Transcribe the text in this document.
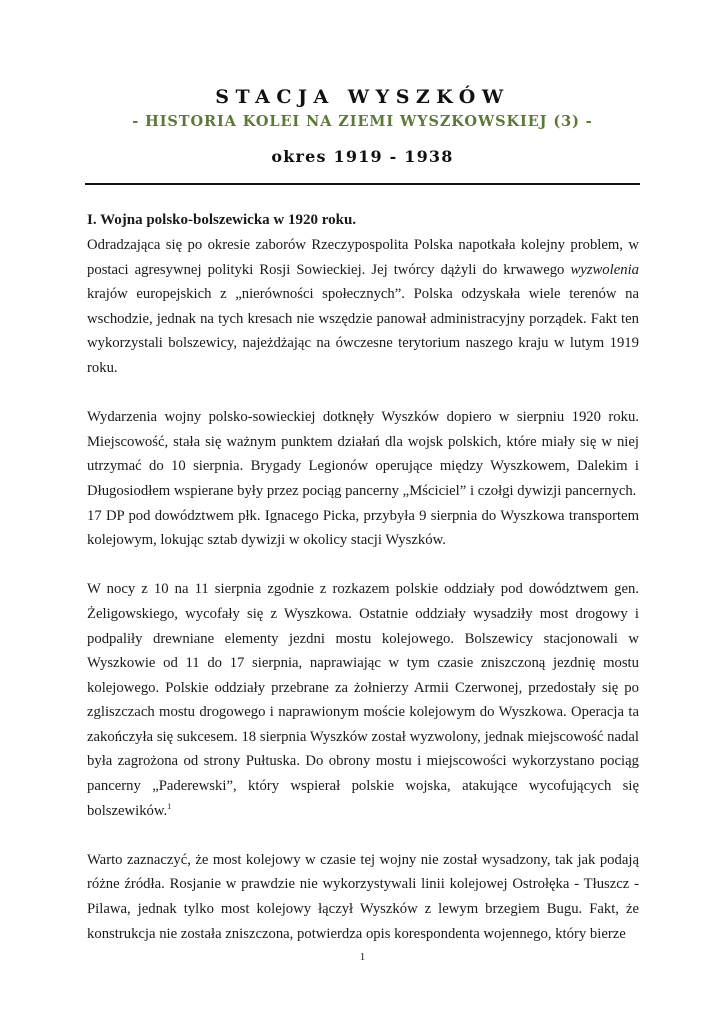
STACJA WYSZKÓW
- HISTORIA KOLEI NA ZIEMI WYSZKOWSKIEJ (3) -
okres 1919 - 1938
I. Wojna polsko-bolszewicka w 1920 roku.

Odradzająca się po okresie zaborów Rzeczypospolita Polska napotkała kolejny problem, w postaci agresywnej polityki Rosji Sowieckiej. Jej twórcy dążyli do krwawego wyzwolenia krajów europejskich z „nierówności społecznych”. Polska odzyskała wiele terenów na wschodzie, jednak na tych kresach nie wszędzie panował administracyjny porządek. Fakt ten wykorzystali bolszewicy, najeżdżając na ówczesne terytorium naszego kraju w lutym 1919 roku.

Wydarzenia wojny polsko-sowieckiej dotknęły Wyszków dopiero w sierpniu 1920 roku. Miejscowość, stała się ważnym punktem działań dla wojsk polskich, które miały się w niej utrzymać do 10 sierpnia. Brygady Legionów operujące między Wyszkowem, Dalekim i Długosiodłem wspierane były przez pociąg pancerny „Mściciel” i czołgi dywizji pancernych.

17 DP pod dowództwem płk. Ignacego Picka, przybyła 9 sierpnia do Wyszkowa transportem kolejowym, lokując sztab dywizji w okolicy stacji Wyszków.

W nocy z 10 na 11 sierpnia zgodnie z rozkazem polskie oddziały pod dowództwem gen. Żeligowskiego, wycofały się z Wyszkowa. Ostatnie oddziały wysadziły most drogowy i podpaliły drewniane elementy jezdni mostu kolejowego. Bolszewicy stacjonowali w Wyszkowie od 11 do 17 sierpnia, naprawiając w tym czasie zniszczoną jezdnię mostu kolejowego. Polskie oddziały przebrane za żołnierzy Armii Czerwonej, przedostały się po zgliszczach mostu drogowego i naprawionym moście kolejowym do Wyszkowa. Operacja ta zakończyła się sukcesem. 18 sierpnia Wyszków został wyzwolony, jednak miejscowość nadal była zagrożona od strony Pułtuska. Do obrony mostu i miejscowości wykorzystano pociąg pancerny „Paderewski”, który wspierał polskie wojska, atakujące wycofujących się bolszewików.$^1$

Warto zaznaczyć, że most kolejowy w czasie tej wojny nie został wysadzony, tak jak podają różne źródła. Rosjanie w prawdzie nie wykorzystywali linii kolejowej Ostrołęka - Tłuszcz - Pilawa, jednak tylko most kolejowy łączył Wyszków z lewym brzegiem Bugu. Fakt, że konstrukcja nie została zniszczona, potwierdza opis korespondenta wojennego, który bierze

1
